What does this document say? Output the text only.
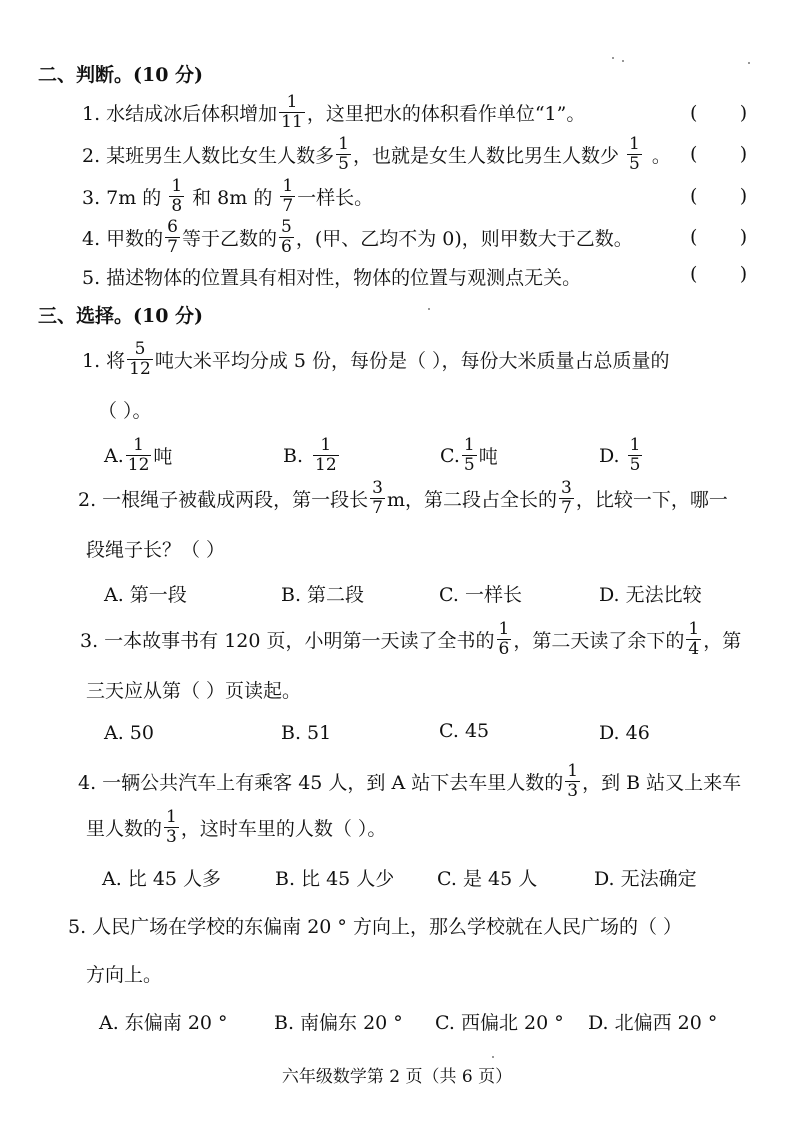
二、判断。(10 分)
1. 水结成冰后体积增加 $\frac{1}{11}$ ，这里把水的体积看作单位“1”。	(       )
2. 某班男生人数比女生人数多 $\frac{1}{5}$ ，也就是女生人数比男生人数少 $\frac{1}{5}$ 。 (       )
3. 7m 的 $\frac{1}{8}$ 和 8m 的 $\frac{1}{7}$ 一样长。	(       )
4. 甲数的 $\frac{6}{7}$ 等于乙数的 $\frac{5}{6}$ ，(甲、乙均不为 0)，则甲数大于乙数。	(       )
5. 描述物体的位置具有相对性，物体的位置与观测点无关。	(       )
三、选择。(10 分)
1. 将 $\frac{5}{12}$ 吨大米平均分成 5 份，每份是（ ），每份大米质量占总质量的
（ ）。
A. $\frac{1}{12}$ 吨	B. $\frac{1}{12}$	C. $\frac{1}{5}$ 吨	D. $\frac{1}{5}$
2. 一根绳子被截成两段，第一段长 $\frac{3}{7}$ m，第二段占全长的 $\frac{3}{7}$ ，比较一下，哪一
段绳子长？（ ）
A. 第一段	B. 第二段	C. 一样长	D. 无法比较
3. 一本故事书有 120 页，小明第一天读了全书的 $\frac{1}{6}$ ，第二天读了余下的 $\frac{1}{4}$ ，第
三天应从第（ ）页读起。
A. 50	B. 51	C. 45	D. 46
4. 一辆公共汽车上有乘客 45 人，到 A 站下去车里人数的 $\frac{1}{3}$ ，到 B 站又上来车
里人数的 $\frac{1}{3}$ ，这时车里的人数（ ）。
A. 比 45 人多	B. 比 45 人少 C. 是 45 人	D. 无法确定
5. 人民广场在学校的东偏南 20 ° 方向上，那么学校就在人民广场的（ ）
方向上。
A. 东偏南 20 ° B. 南偏东 20 ° C. 西偏北 20 ° D. 北偏西 20 °
六年级数学第 2 页（共 6 页）
